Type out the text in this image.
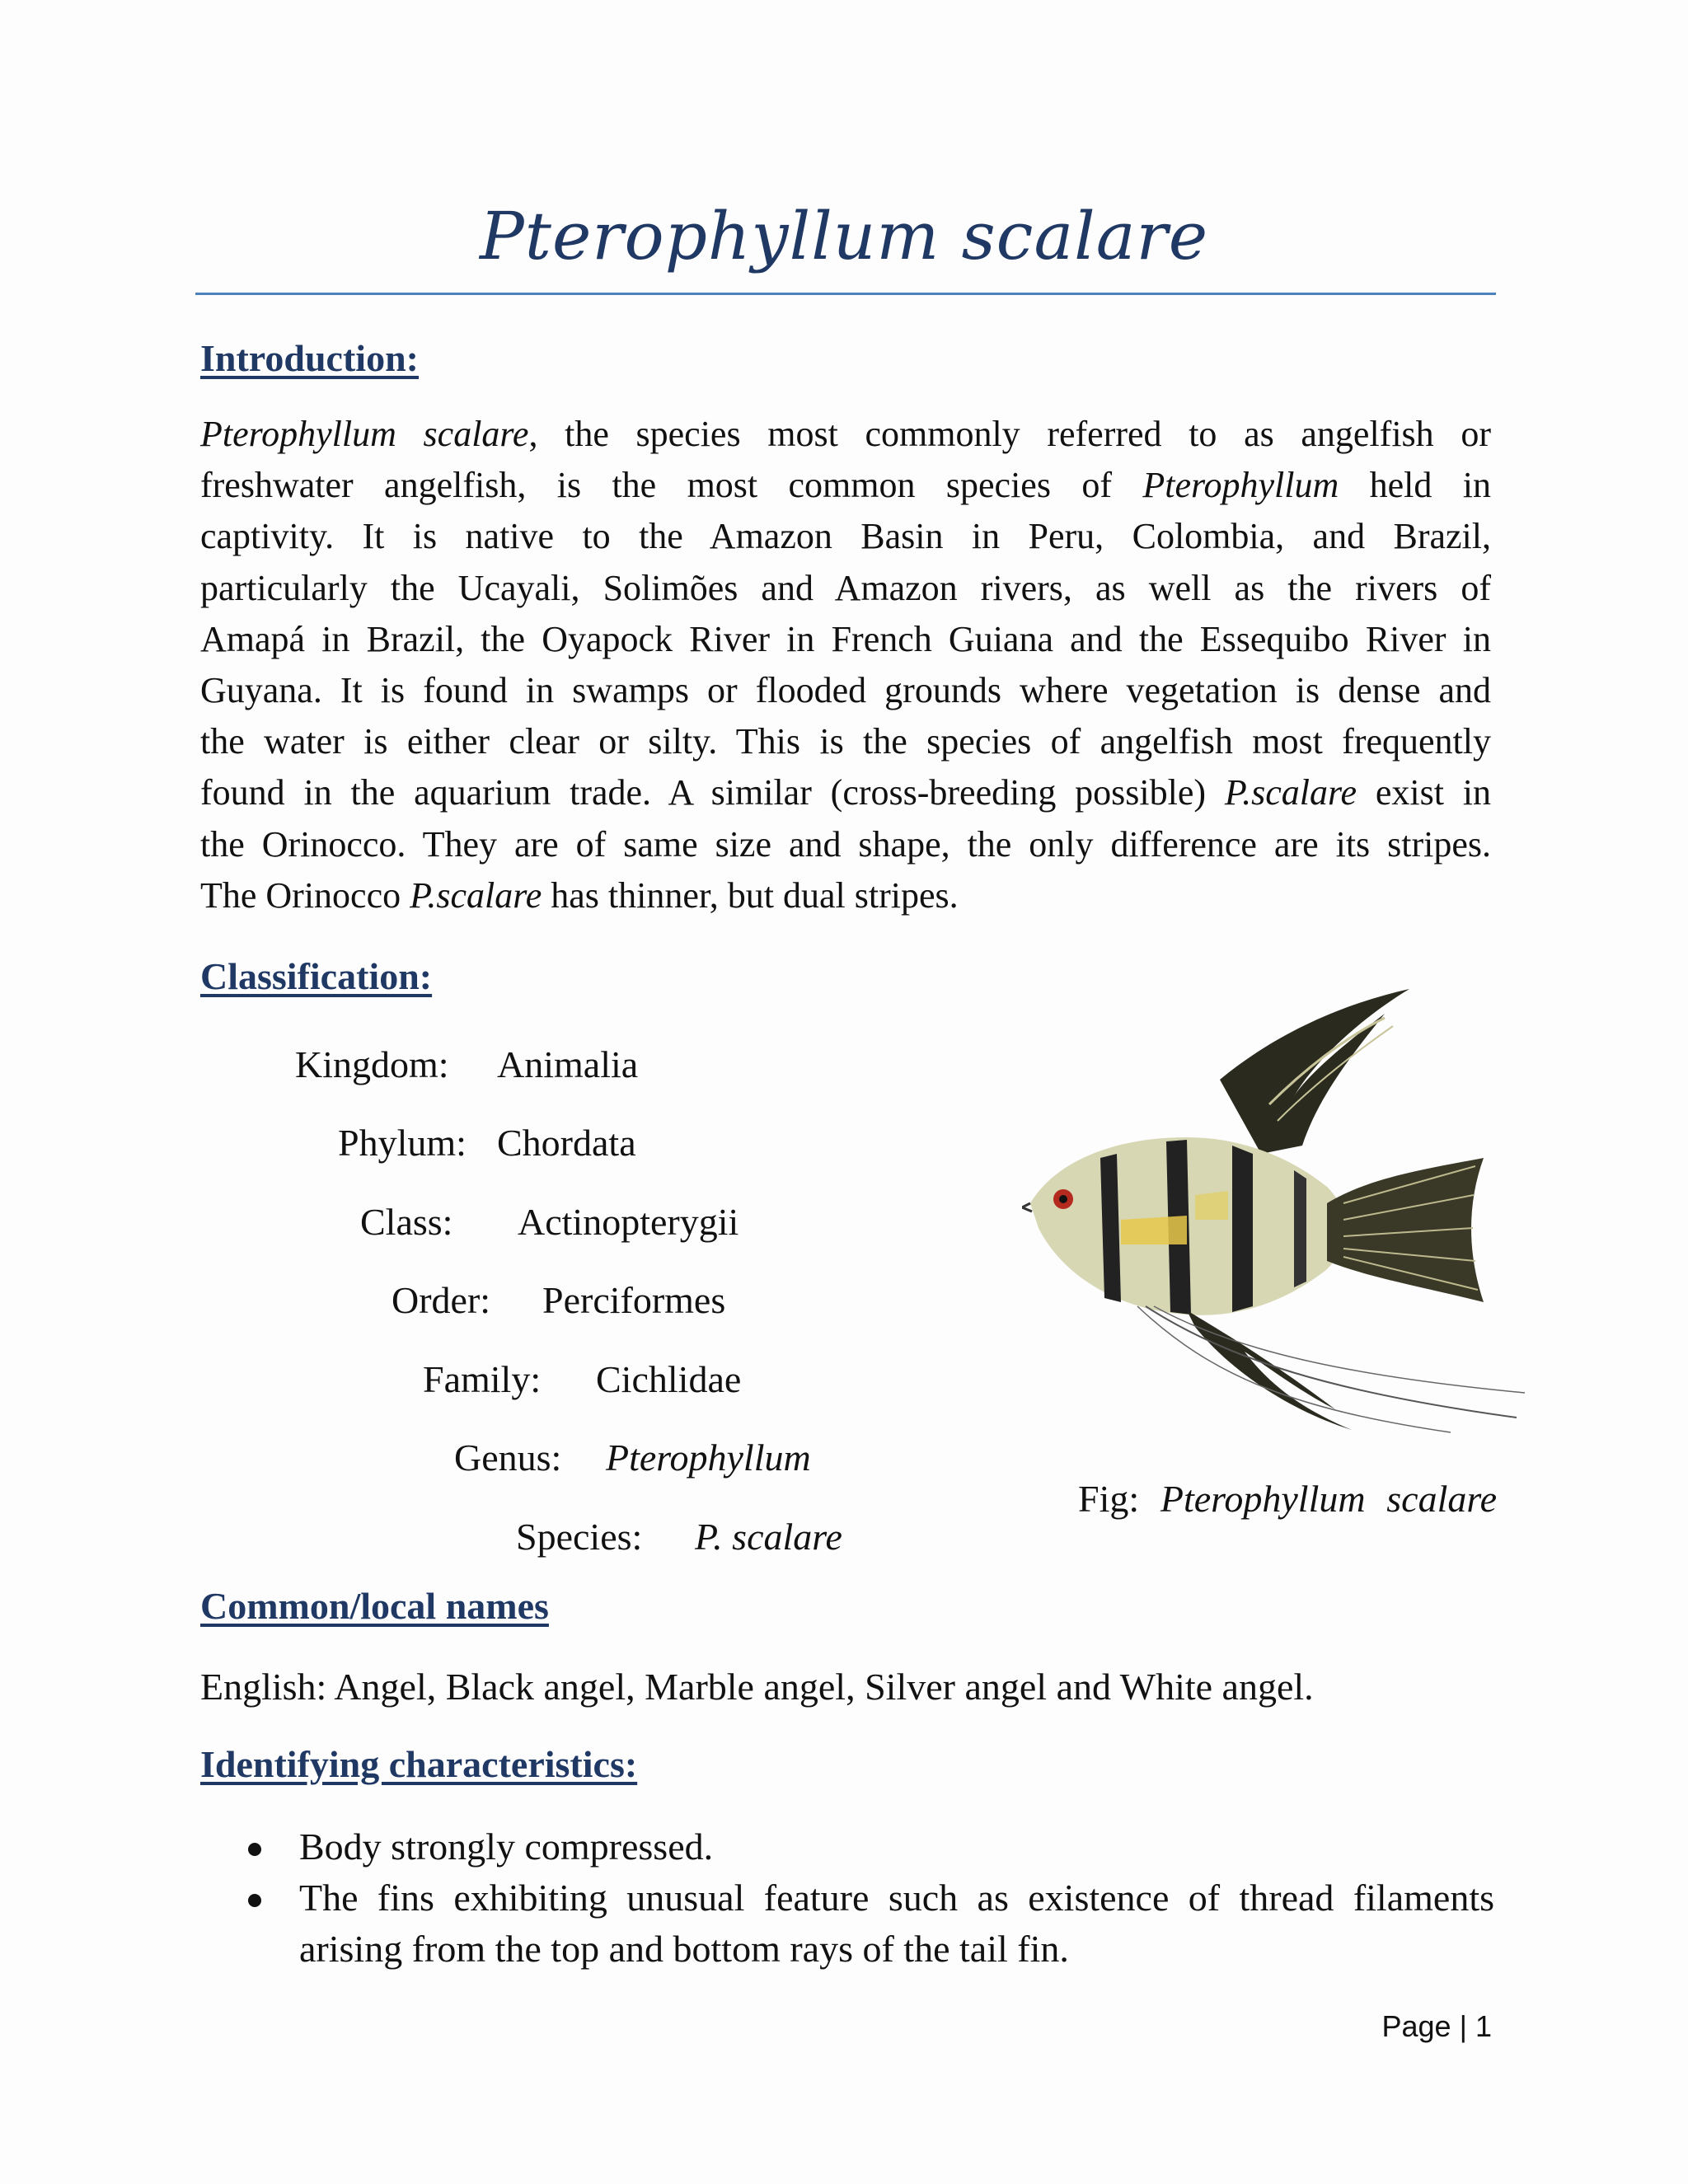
Pterophyllum scalare
Introduction:
Pterophyllum scalare, the species most commonly referred to as angelfish or
freshwater angelfish, is the most common species of Pterophyllum held in
captivity. It is native to the Amazon Basin in Peru, Colombia, and Brazil,
particularly the Ucayali, Solimões and Amazon rivers, as well as the rivers of
Amapá in Brazil, the Oyapock River in French Guiana and the Essequibo River in
Guyana. It is found in swamps or flooded grounds where vegetation is dense and
the water is either clear or silty. This is the species of angelfish most frequently
found in the aquarium trade. A similar (cross-breeding possible) P.scalare exist in
the Orinocco. They are of same size and shape, the only difference are its stripes.
The Orinocco P.scalare has thinner, but dual stripes.
Classification:
Kingdom: Animalia
Phylum: Chordata
Class: Actinopterygii
Order: Perciformes
Family: Cichlidae
Genus: Pterophyllum
Species: P. scalare
Fig: Pterophyllum scalare
Common/local names
English: Angel, Black angel, Marble angel, Silver angel and White angel.
Identifying characteristics:
Body strongly compressed.
The fins exhibiting unusual feature such as existence of thread filaments
arising from the top and bottom rays of the tail fin.
Page | 1
